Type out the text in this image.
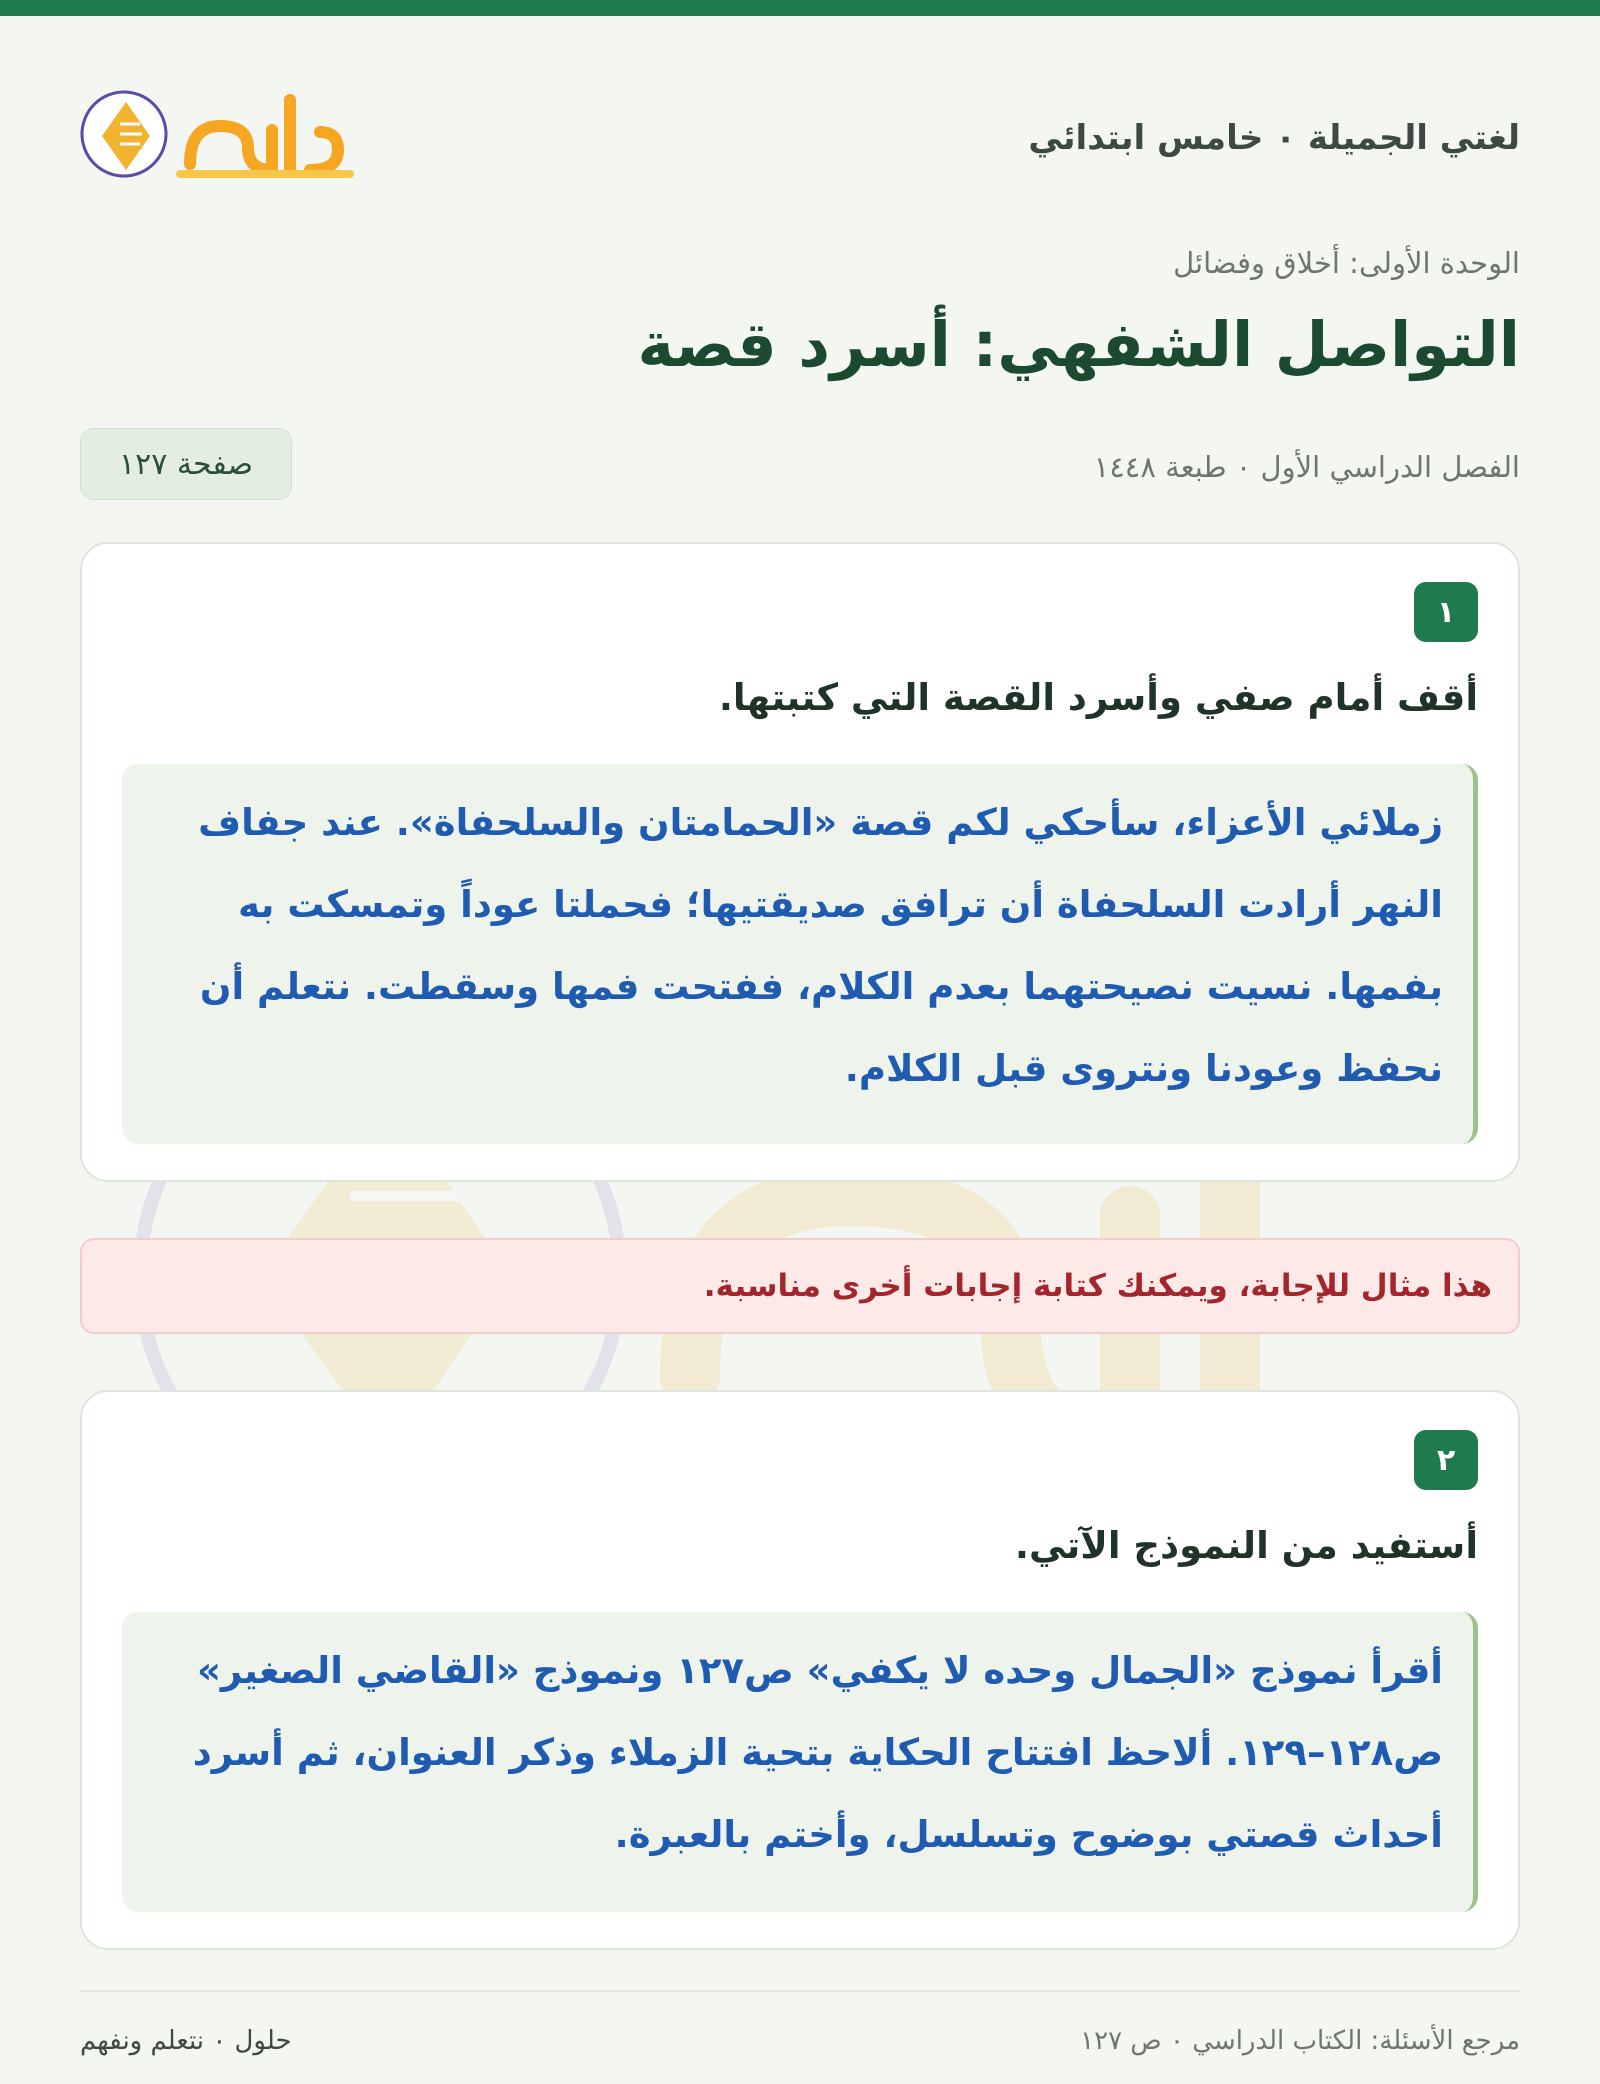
لغتي الجميلة ٠ خامس ابتدائي
الوحدة الأولى: أخلاق وفضائل
التواصل الشفهي: أسرد قصة
الفصل الدراسي الأول ٠ طبعة ١٤٤٨
صفحة ١٢٧
١
أقف أمام صفي وأسرد القصة التي كتبتها.
زملائي الأعزاء، سأحكي لكم قصة «الحمامتان والسلحفاة». عند جفاف النهر أرادت السلحفاة أن ترافق صديقتيها؛ فحملتا عوداً وتمسكت به بفمها. نسيت نصيحتهما بعدم الكلام، ففتحت فمها وسقطت. نتعلم أن نحفظ وعودنا ونتروى قبل الكلام.
هذا مثال للإجابة، ويمكنك كتابة إجابات أخرى مناسبة.
٢
أستفيد من النموذج الآتي.
أقرأ نموذج «الجمال وحده لا يكفي» ص١٢٧ ونموذج «القاضي الصغير» ص١٢٨–١٢٩. ألاحظ افتتاح الحكاية بتحية الزملاء وذكر العنوان، ثم أسرد أحداث قصتي بوضوح وتسلسل، وأختم بالعبرة.
مرجع الأسئلة: الكتاب الدراسي ٠ ص ١٢٧
حلول ٠ نتعلم ونفهم
